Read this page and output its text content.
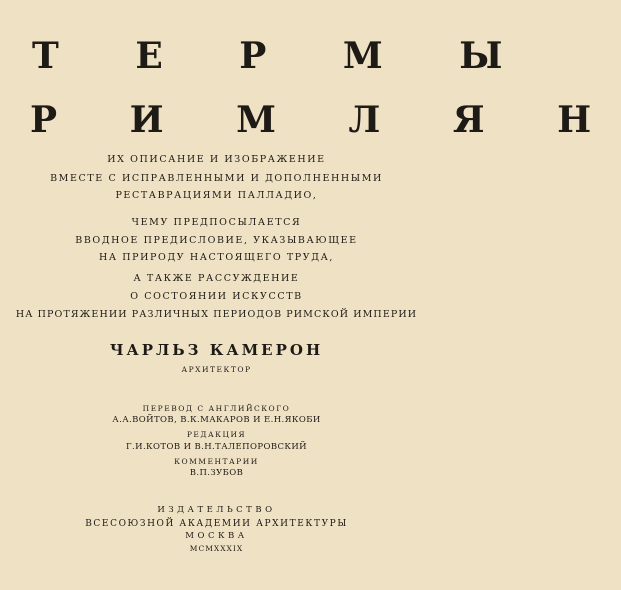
Т Е Р М Ы
Р И М Л Я Н

ИХ ОПИСАНИЕ И ИЗОБРАЖЕНИЕ

ВМЕСТЕ С ИСПРАВЛЕННЫМИ И ДОПОЛНЕННЫМИ

РЕСТАВРАЦИЯМИ ПАЛЛАДИО,

ЧЕМУ ПРЕДПОСЫЛАЕТСЯ

ВВОДНОЕ ПРЕДИСЛОВИЕ, УКАЗЫВАЮЩЕЕ

НА ПРИРОДУ НАСТОЯЩЕГО ТРУДА,

А ТАКЖЕ РАССУЖДЕНИЕ

О СОСТОЯНИИ ИСКУССТВ

НА ПРОТЯЖЕНИИ РАЗЛИЧНЫХ ПЕРИОДОВ РИМСКОЙ ИМПЕРИИ

ЧАРЛЬЗ КАМЕРОН

АРХИТЕКТОР

ПЕРЕВОД С АНГЛИЙСКОГО

А.А.ВОЙТОВ, В.К.МАКАРОВ И Е.Н.ЯКОБИ

РЕДАКЦИЯ

Г.И.КОТОВ И В.Н.ТАЛЕПОРОВСКИЙ

КОММЕНТАРИИ

В.П.ЗУБОВ

ИЗДАТЕЛЬСТВО

ВСЕСОЮЗНОЙ АКАДЕМИИ АРХИТЕКТУРЫ

МОСКВА

MCMXXXIX
